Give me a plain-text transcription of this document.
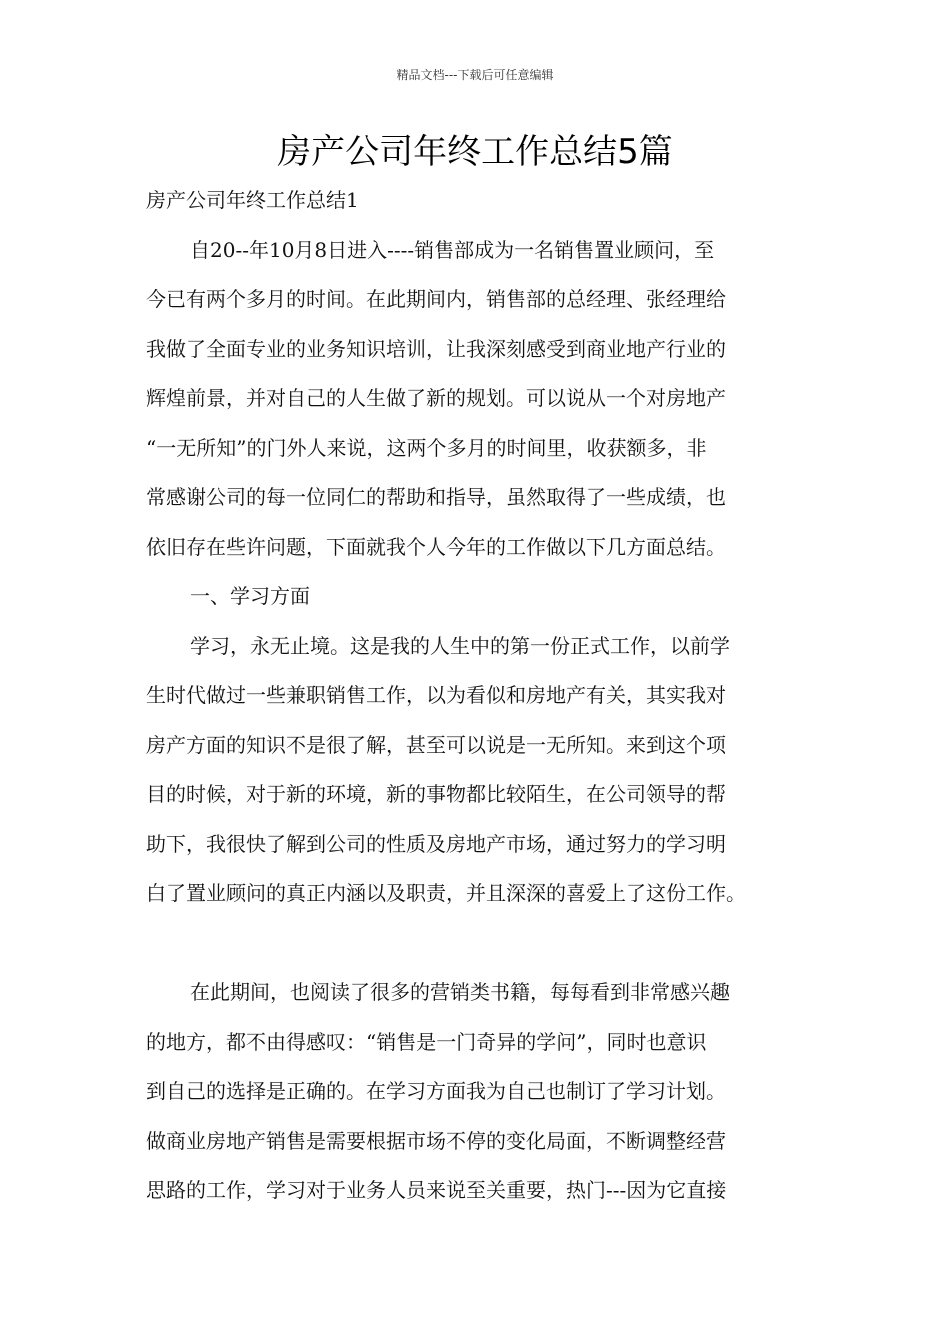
精品文档---下载后可任意编辑
房产公司年终工作总结5篇
房产公司年终工作总结1
自20--年10月8日进入----销售部成为一名销售置业顾问，至
今已有两个多月的时间。在此期间内，销售部的总经理、张经理给
我做了全面专业的业务知识培训，让我深刻感受到商业地产行业的
辉煌前景，并对自己的人生做了新的规划。可以说从一个对房地产
“一无所知”的门外人来说，这两个多月的时间里，收获额多，非
常感谢公司的每一位同仁的帮助和指导，虽然取得了一些成绩，也
依旧存在些许问题，下面就我个人今年的工作做以下几方面总结。
一、学习方面
学习，永无止境。这是我的人生中的第一份正式工作，以前学
生时代做过一些兼职销售工作，以为看似和房地产有关，其实我对
房产方面的知识不是很了解，甚至可以说是一无所知。来到这个项
目的时候，对于新的环境，新的事物都比较陌生，在公司领导的帮
助下，我很快了解到公司的性质及房地产市场，通过努力的学习明
白了置业顾问的真正内涵以及职责，并且深深的喜爱上了这份工作。
在此期间，也阅读了很多的营销类书籍，每每看到非常感兴趣
的地方，都不由得感叹：“销售是一门奇异的学问”，同时也意识
到自己的选择是正确的。在学习方面我为自己也制订了学习计划。
做商业房地产销售是需要根据市场不停的变化局面，不断调整经营
思路的工作，学习对于业务人员来说至关重要，热门---因为它直接
